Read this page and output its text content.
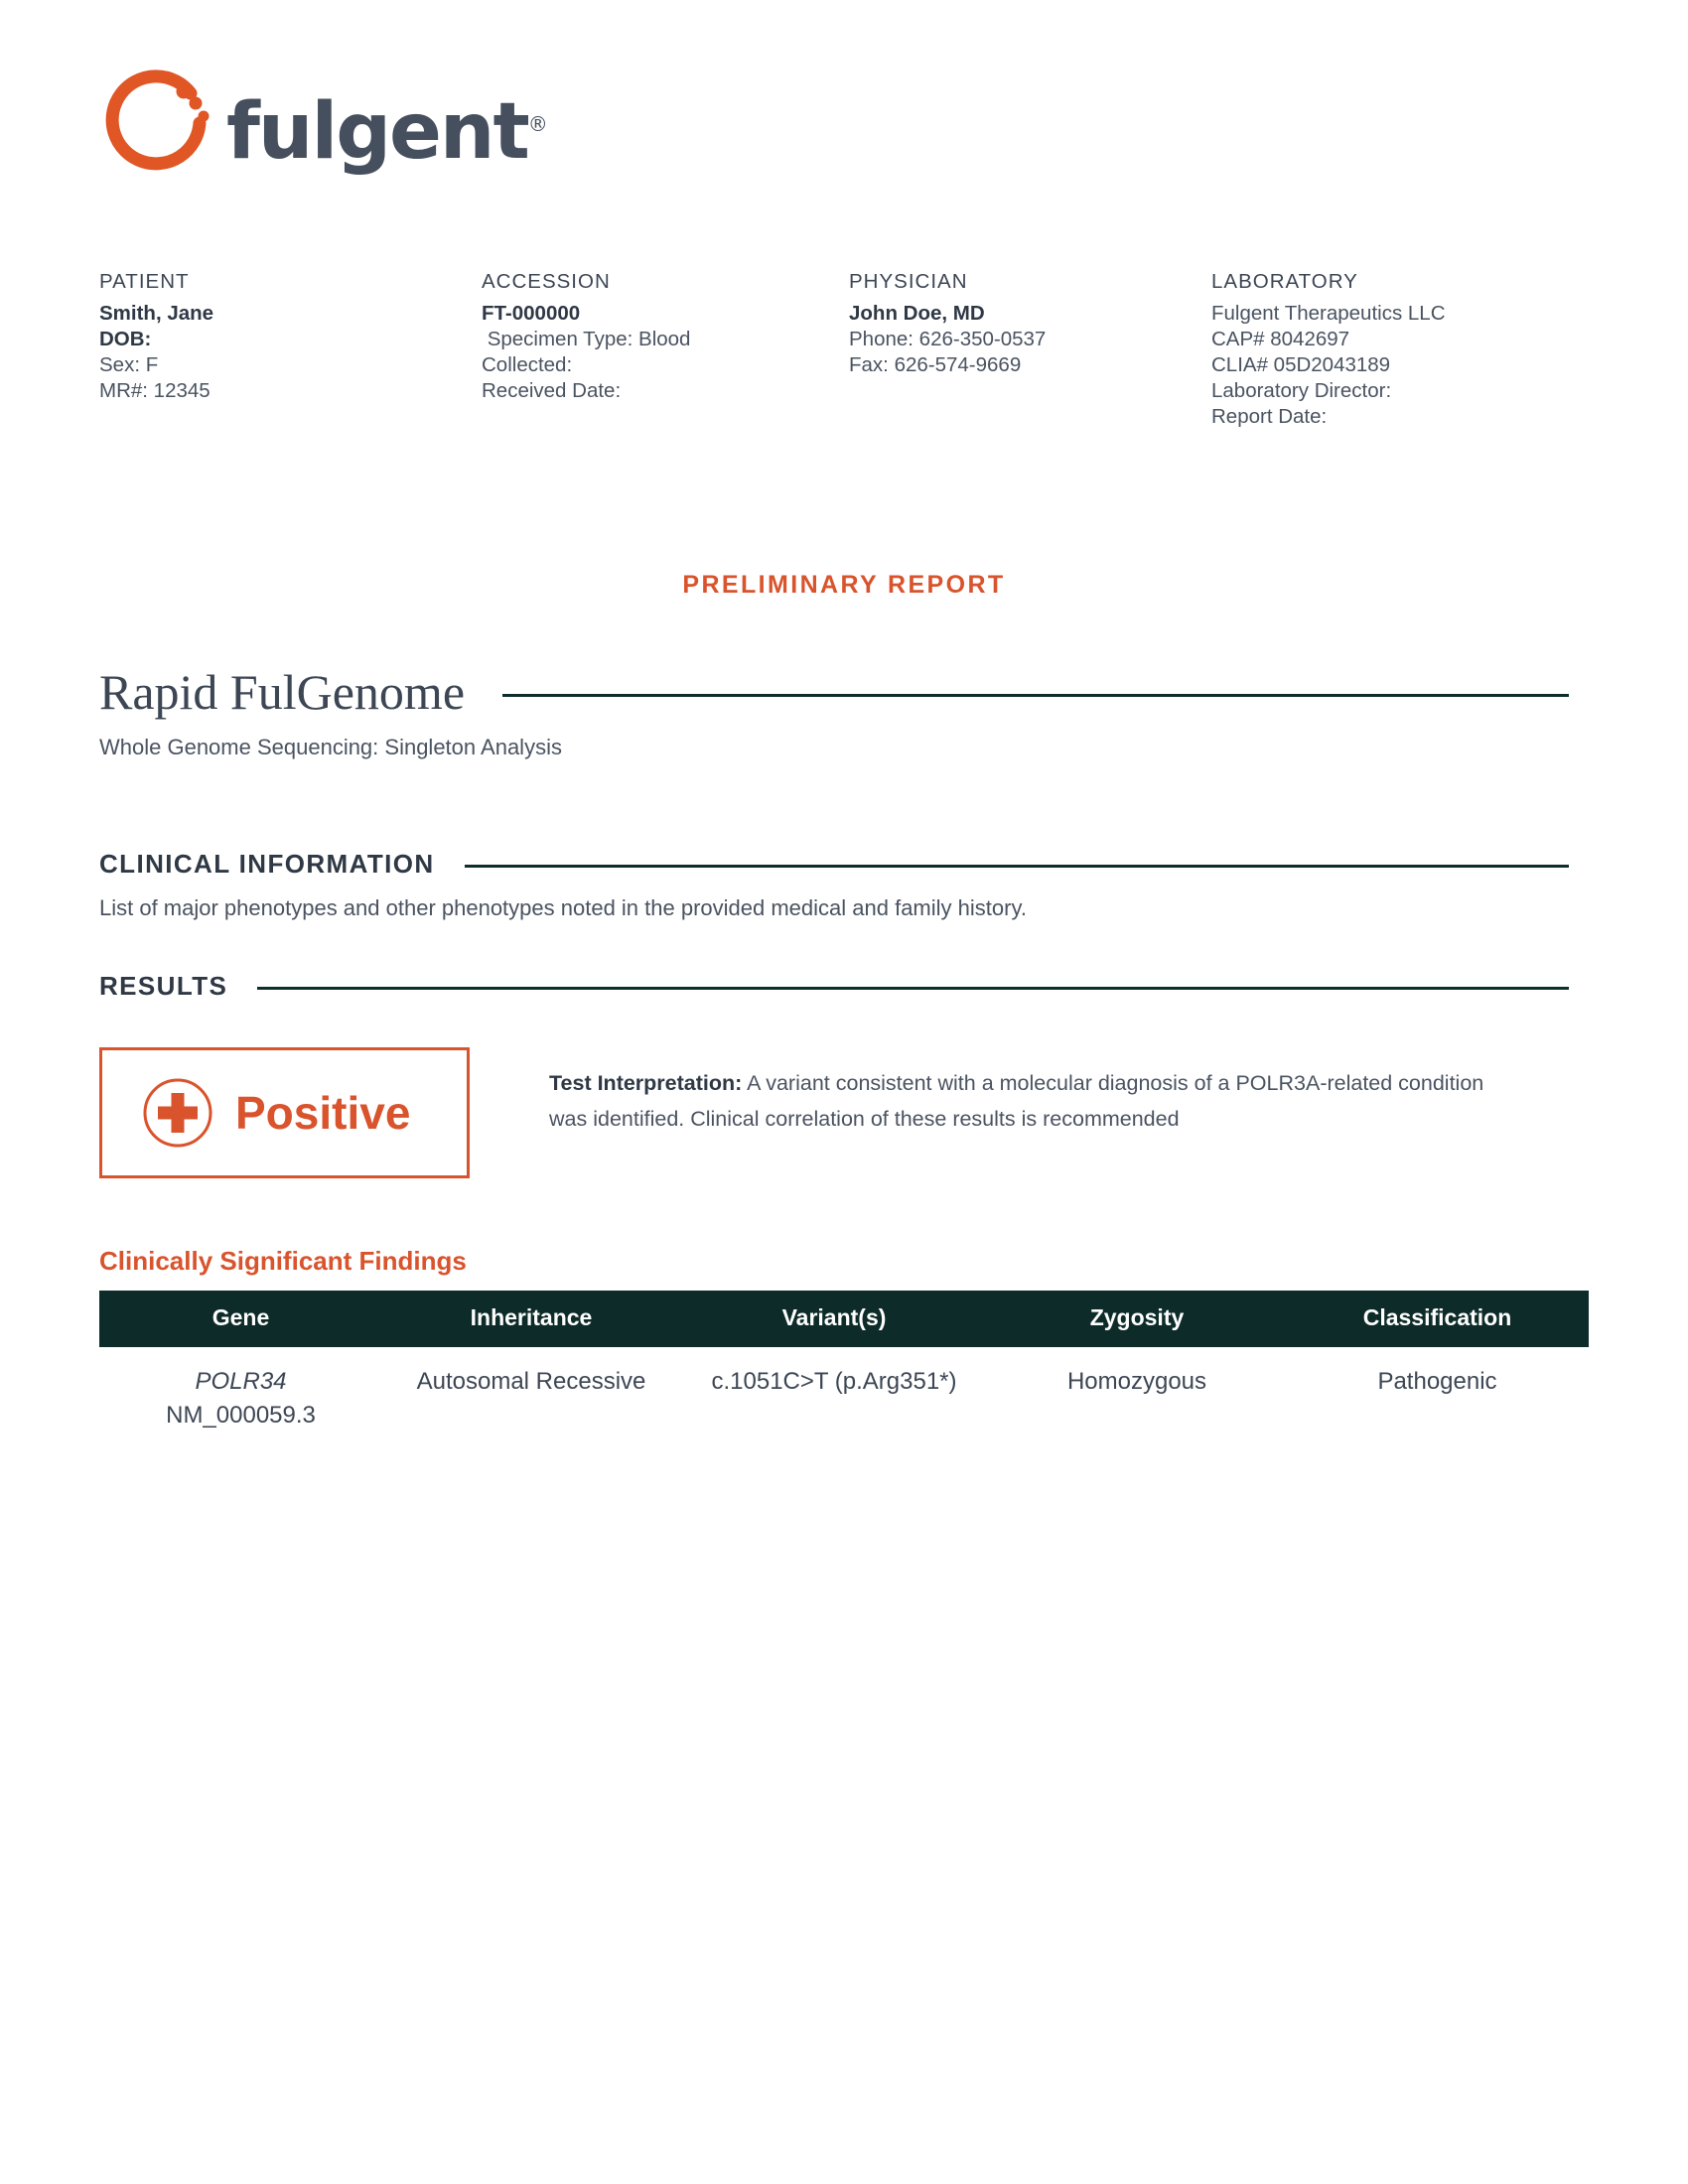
fulgent®
PATIENT
Smith, Jane
DOB:
Sex: F
MR#: 12345
ACCESSION
FT-000000
Specimen Type: Blood
Collected:
Received Date:
PHYSICIAN
John Doe, MD
Phone: 626-350-0537
Fax: 626-574-9669
LABORATORY
Fulgent Therapeutics LLC
CAP# 8042697
CLIA# 05D2043189
Laboratory Director:
Report Date:
PRELIMINARY REPORT
Rapid FulGenome
Whole Genome Sequencing: Singleton Analysis
CLINICAL INFORMATION
List of major phenotypes and other phenotypes noted in the provided medical and family history.
RESULTS
Positive
Test Interpretation: A variant consistent with a molecular diagnosis of a POLR3A-related condition was identified. Clinical correlation of these results is recommended
Clinically Significant Findings
Gene	Inheritance	Variant(s)	Zygosity	Classification

POLR34
NM_000059.3	Autosomal Recessive	c.1051C>T (p.Arg351*)	Homozygous	Pathogenic
